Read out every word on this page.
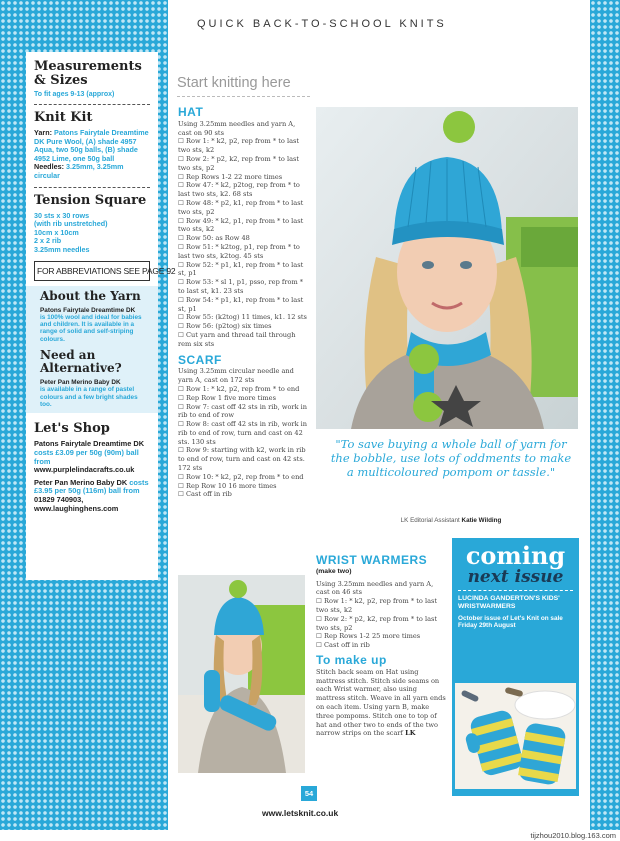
QUICK BACK-TO-SCHOOL KNITS
Measurements & Sizes
To fit ages 9-13 (approx)
Knit Kit
Yarn: Patons Fairytale Dreamtime DK Pure Wool, (A) shade 4957 Aqua, two 50g balls, (B) shade 4952 Lime, one 50g ball
Needles: 3.25mm, 3.25mm circular
Tension Square
30 sts x 30 rows
(with rib unstretched)
10cm x 10cm
2 x 2 rib
3.25mm needles
FOR ABBREVIATIONS SEE PAGE 92
About the Yarn
Patons Fairytale Dreamtime DK
is 100% wool and ideal for babies and children. It is available in a range of solid and self-striping colours.
Need an Alternative?
Peter Pan Merino Baby DK
is available in a range of pastel colours and a few bright shades too.
Let's Shop
Patons Fairytale Dreamtime DK costs £3.09 per 50g (90m) ball from www.purplelindacrafts.co.uk
Peter Pan Merino Baby DK costs £3.95 per 50g (116m) ball from 01829 740903, www.laughinghens.com
Start knitting here
HAT
Using 3.25mm needles and yarn A, cast on 90 sts
☐ Row 1: * k2, p2, rep from * to last two sts, k2
☐ Row 2: * p2, k2, rep from * to last two sts, p2
☐ Rep Rows 1-2 22 more times
☐ Row 47: * k2, p2tog, rep from * to last two sts, k2. 68 sts
☐ Row 48: * p2, k1, rep from * to last two sts, p2
☐ Row 49: * k2, p1, rep from * to last two sts, k2
☐ Row 50: as Row 48
☐ Row 51: * k2tog, p1, rep from * to last two sts, k2tog. 45 sts
☐ Row 52: * p1, k1, rep from * to last st, p1
☐ Row 53: * sl 1, p1, psso, rep from * to last st, k1. 23 sts
☐ Row 54: * p1, k1, rep from * to last st, p1
☐ Row 55: (k2tog) 11 times, k1. 12 sts
☐ Row 56: (p2tog) six times
☐ Cut yarn and thread tail through rem six sts
SCARF
Using 3.25mm circular needle and yarn A, cast on 172 sts
☐ Row 1: * k2, p2, rep from * to end
☐ Rep Row 1 five more times
☐ Row 7: cast off 42 sts in rib, work in rib to end of row
☐ Row 8: cast off 42 sts in rib, work in rib to end of row, turn and cast on 42 sts. 130 sts
☐ Row 9: starting with k2, work in rib to end of row, turn and cast on 42 sts. 172 sts
☐ Row 10: * k2, p2, rep from * to end
☐ Rep Row 10 16 more times
☐ Cast off in rib
"To save buying a whole ball of yarn for the bobble, use lots of oddments to make a multicoloured pompom or tassle."
LK Editorial Assistant Katie Wilding
WRIST WARMERS
(make two)
Using 3.25mm needles and yarn A, cast on 46 sts
☐ Row 1: * k2, p2, rep from * to last two sts, k2
☐ Row 2: * p2, k2, rep from * to last two sts, p2
☐ Rep Rows 1-2 25 more times
☐ Cast off in rib
To make up
Stitch back seam on Hat using mattress stitch. Stitch side seams on each Wrist warmer, also using mattress stitch. Weave in all yarn ends on each item. Using yarn B, make three pompoms. Stitch one to top of hat and other two to ends of the two narrow strips on the scarf LK
coming
next issue
LUCINDA GANDERTON'S KIDS' WRISTWARMERS
October issue of Let's Knit on sale Friday 29th August
54
www.letsknit.co.uk
tijzhou2010.blog.163.com
